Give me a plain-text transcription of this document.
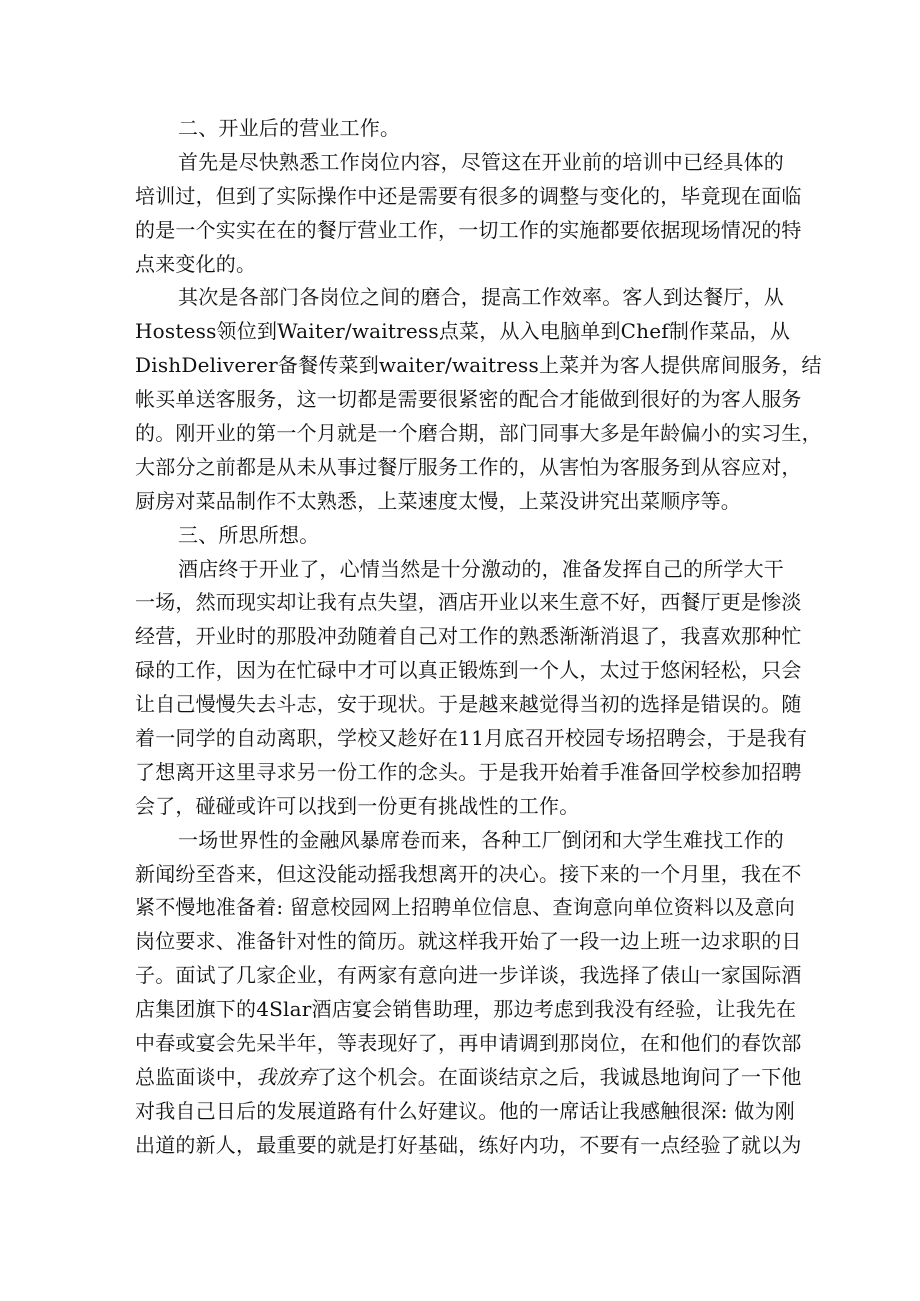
二、开业后的营业工作。
首先是尽快熟悉工作岗位内容，尽管这在开业前的培训中已经具体的
培训过，但到了实际操作中还是需要有很多的调整与变化的，毕竟现在面临
的是一个实实在在的餐厅营业工作，一切工作的实施都要依据现场情况的特
点来变化的。
其次是各部门各岗位之间的磨合，提高工作效率。客人到达餐厅，从
Hostess领位到Waiter/waitress点菜，从入电脑单到Chef制作菜品，从
DishDeliverer备餐传菜到waiter/waitress上菜并为客人提供席间服务，结
帐买单送客服务，这一切都是需要很紧密的配合才能做到很好的为客人服务
的。刚开业的第一个月就是一个磨合期，部门同事大多是年龄偏小的实习生，
大部分之前都是从未从事过餐厅服务工作的，从害怕为客服务到从容应对，
厨房对菜品制作不太熟悉，上菜速度太慢，上菜没讲究出菜顺序等。
三、所思所想。
酒店终于开业了，心情当然是十分激动的，准备发挥自己的所学大干
一场，然而现实却让我有点失望，酒店开业以来生意不好，西餐厅更是惨淡
经营，开业时的那股冲劲随着自己对工作的熟悉渐渐消退了，我喜欢那种忙
碌的工作，因为在忙碌中才可以真正锻炼到一个人，太过于悠闲轻松，只会
让自己慢慢失去斗志，安于现状。于是越来越觉得当初的选择是错误的。随
着一同学的自动离职，学校又趁好在11月底召开校园专场招聘会，于是我有
了想离开这里寻求另一份工作的念头。于是我开始着手准备回学校参加招聘
会了，碰碰或许可以找到一份更有挑战性的工作。
一场世界性的金融风暴席卷而来，各种工厂倒闭和大学生难找工作的
新闻纷至沓来，但这没能动摇我想离开的决心。接下来的一个月里，我在不
紧不慢地准备着: 留意校园网上招聘单位信息、查询意向单位资料以及意向
岗位要求、准备针对性的简历。就这样我开始了一段一边上班一边求职的日
子。面试了几家企业，有两家有意向进一步详谈，我选择了俵山一家国际酒
店集团旗下的4Slar酒店宴会销售助理，那边考虑到我没有经验，让我先在
中春或宴会先呆半年，等表现好了，再申请调到那岗位，在和他们的春饮部
总监面谈中，我放弃了这个机会。在面谈结京之后，我诚恳地询问了一下他
对我自己日后的发展道路有什么好建议。他的一席话让我感触很深: 做为刚
出道的新人，最重要的就是打好基础，练好内功，不要有一点经验了就以为
